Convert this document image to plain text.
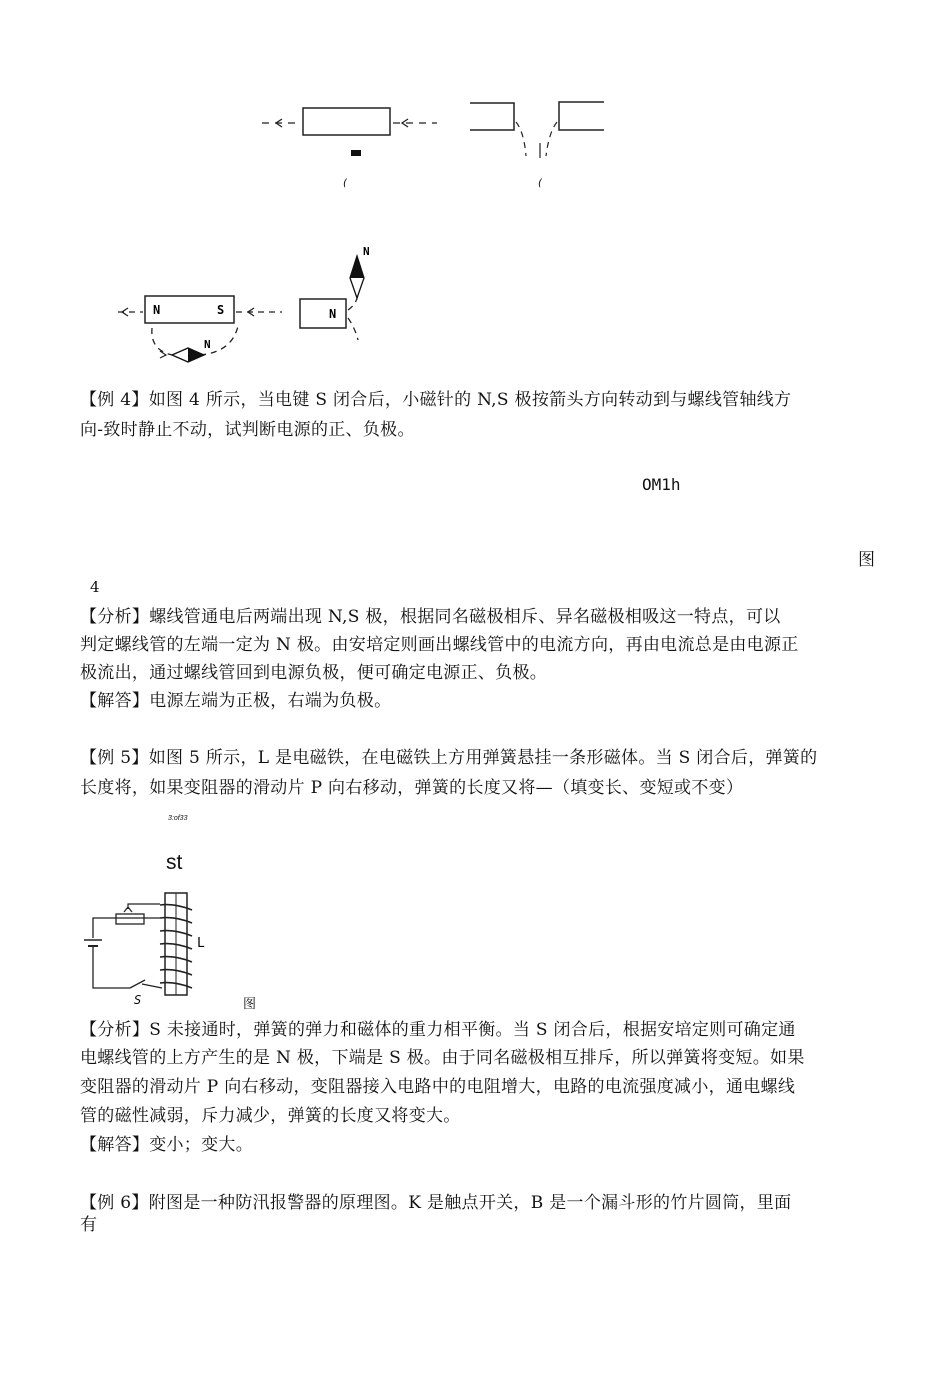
(	(
N	S
N
N
N
【例 4】如图 4 所示，当电键 S 闭合后，小磁针的 N,S 极按箭头方向转动到与螺线管轴线方
向-致时静止不动，试判断电源的正、负极。
OM1h
图
4
【分析】螺线管通电后两端出现 N,S 极，根据同名磁极相斥、异名磁极相吸这一特点，可以
判定螺线管的左端一定为 N 极。由安培定则画出螺线管中的电流方向，再由电流总是由电源正
极流出，通过螺线管回到电源负极，便可确定电源正、负极。
【解答】电源左端为正极，右端为负极。
【例 5】如图 5 所示，L 是电磁铁，在电磁铁上方用弹簧悬挂一条形磁体。当 S 闭合后，弹簧的
长度将，如果变阻器的滑动片 P 向右移动，弹簧的长度又将—（填变长、变短或不变）
3:of33
st
L
S	图
【分析】S 未接通时，弹簧的弹力和磁体的重力相平衡。当 S 闭合后，根据安培定则可确定通
电螺线管的上方产生的是 N 极，下端是 S 极。由于同名磁极相互排斥，所以弹簧将变短。如果
变阻器的滑动片 P 向右移动，变阻器接入电路中的电阻增大，电路的电流强度减小，通电螺线
管的磁性减弱，斥力减少，弹簧的长度又将变大。
【解答】变小；变大。
【例 6】附图是一种防汛报警器的原理图。K 是触点开关，B 是一个漏斗形的竹片圆筒，里面
有
